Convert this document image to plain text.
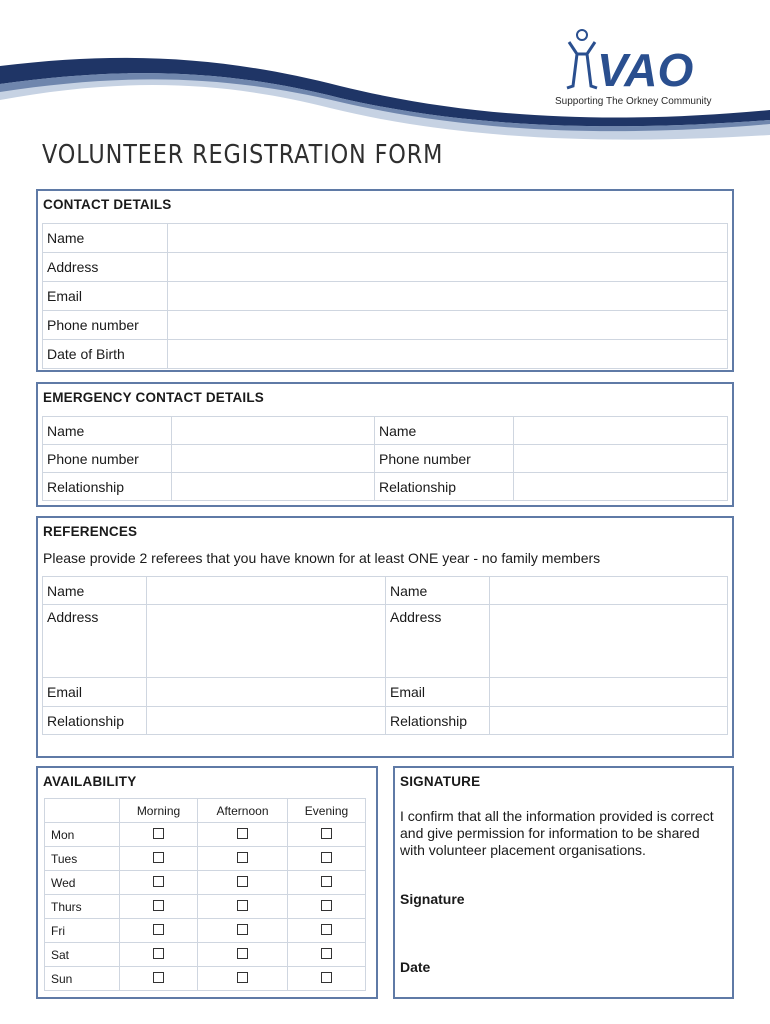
VAO
Supporting The Orkney Community
VOLUNTEER REGISTRATION FORM
CONTACT DETAILS
Name	
Address	
Email	
Phone number	
Date of Birth	
EMERGENCY CONTACT DETAILS
Name		Name	
Phone number		Phone number	
Relationship		Relationship	
REFERENCES
Please provide 2 referees that you have known for at least ONE year - no family members
Name		Name	
Address		Address	
Email		Email	
Relationship		Relationship	
AVAILABILITY
	Morning	Afternoon	Evening
Mon			
Tues			
Wed			
Thurs			
Fri			
Sat			
Sun			
SIGNATURE
I confirm that all the information provided is correct and give permission for information to be shared with volunteer placement organisations.
Signature
Date
